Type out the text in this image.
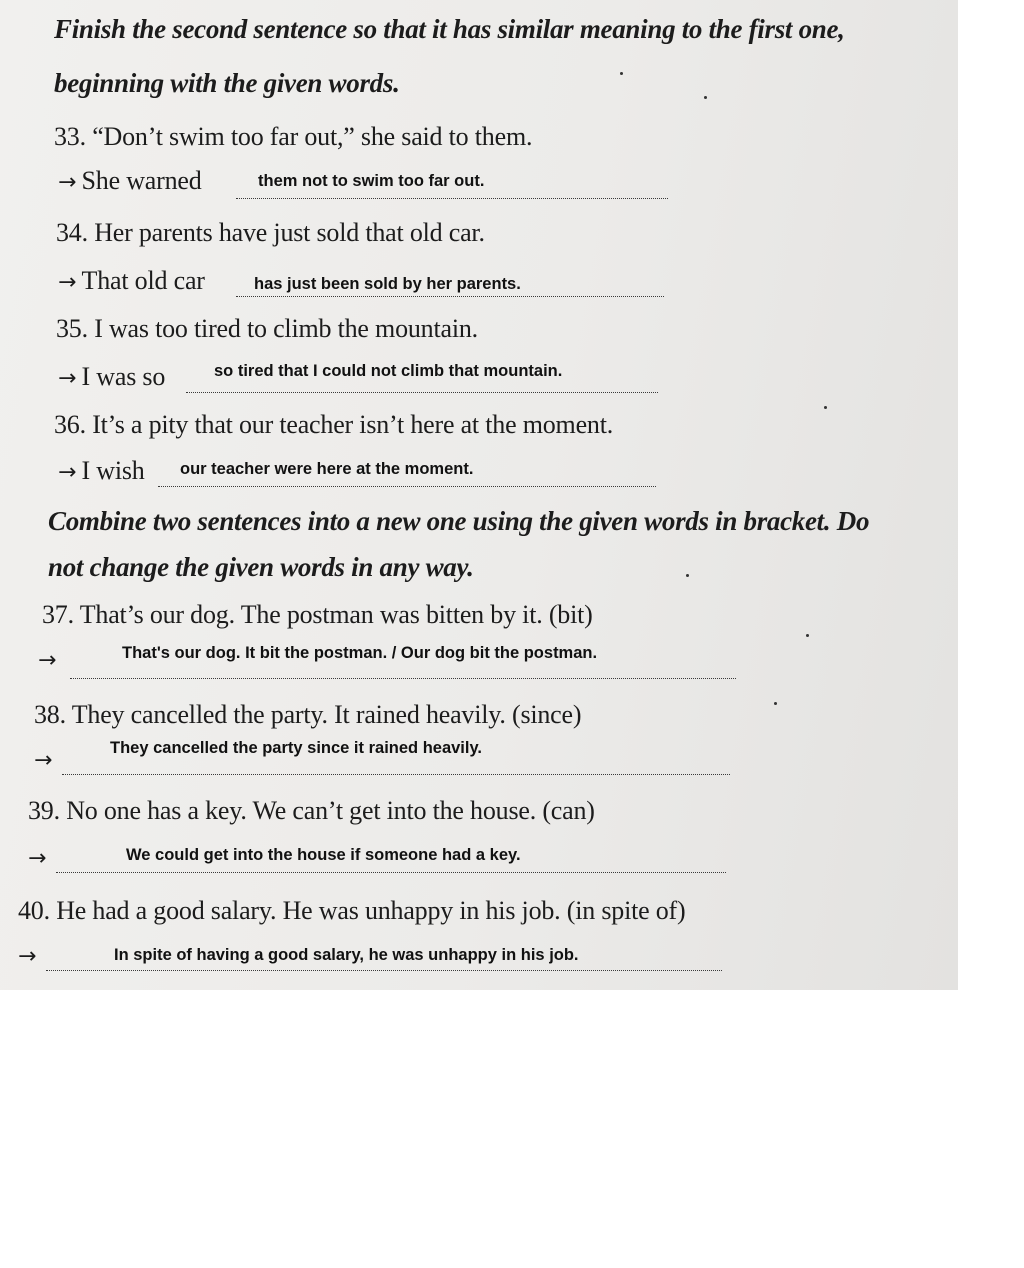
Finish the second sentence so that it has similar meaning to the first one,
beginning with the given words.
33. “Don’t swim too far out,” she said to them.
→ She warned	them not to swim too far out.
34. Her parents have just sold that old car.
→ That old car	has just been sold by her parents.
35. I was too tired to climb the mountain.
→ I was so	so tired that I could not climb that mountain.
36. It’s a pity that our teacher isn’t here at the moment.
→ I wish our teacher were here at the moment.
Combine two sentences into a new one using the given words in bracket. Do
not change the given words in any way.
37. That’s our dog. The postman was bitten by it. (bit)
→	That's our dog. It bit the postman. / Our dog bit the postman.
38. They cancelled the party. It rained heavily. (since)
→	They cancelled the party since it rained heavily.
39. No one has a key. We can’t get into the house. (can)
→	We could get into the house if someone had a key.
40. He had a good salary. He was unhappy in his job. (in spite of)
→	In spite of having a good salary, he was unhappy in his job.
